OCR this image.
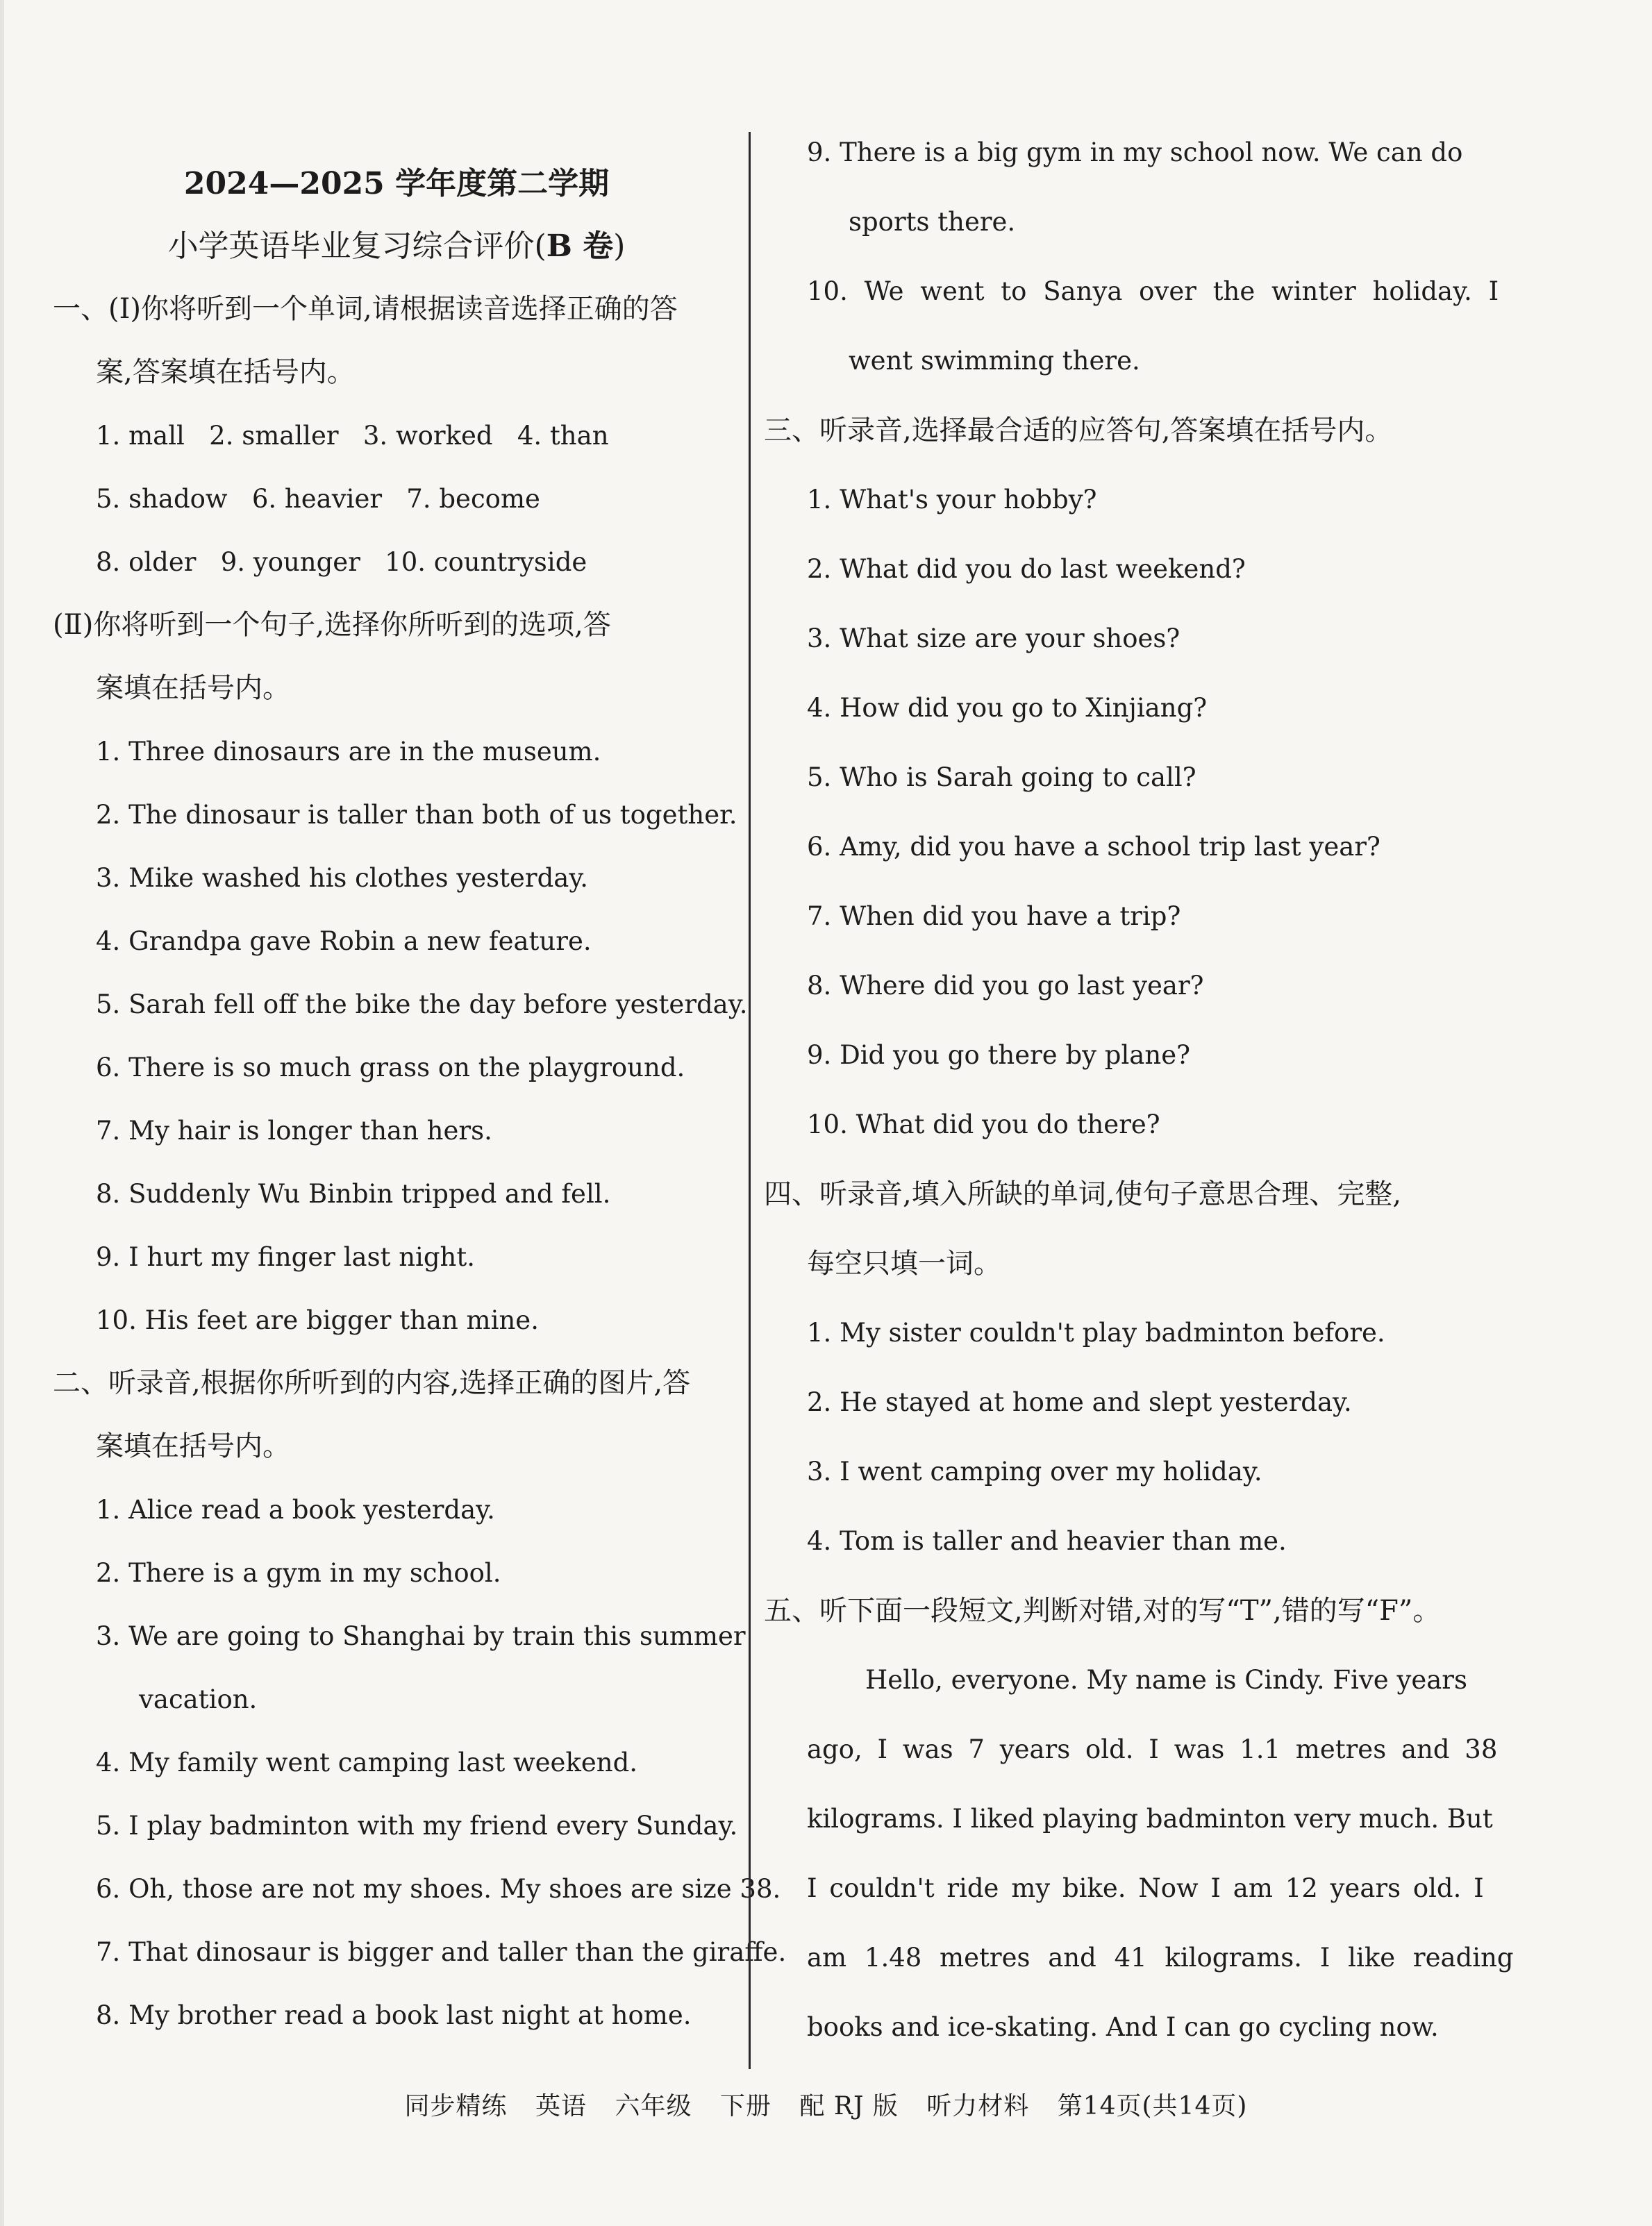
2024—2025 学年度第二学期

小学英语毕业复习综合评价(B 卷)

一、(Ⅰ)你将听到一个单词,请根据读音选择正确的答
案,答案填在括号内。

1. mall   2. smaller   3. worked   4. than

5. shadow   6. heavier   7. become

8. older   9. younger   10. countryside

(Ⅱ)你将听到一个句子,选择你所听到的选项,答
案填在括号内。

1. Three dinosaurs are in the museum.

2. The dinosaur is taller than both of us together.

3. Mike washed his clothes yesterday.

4. Grandpa gave Robin a new feature.

5. Sarah fell off the bike the day before yesterday.

6. There is so much grass on the playground.

7. My hair is longer than hers.

8. Suddenly Wu Binbin tripped and fell.

9. I hurt my finger last night.

10. His feet are bigger than mine.

二、听录音,根据你所听到的内容,选择正确的图片,答
案填在括号内。

1. Alice read a book yesterday.

2. There is a gym in my school.

3. We are going to Shanghai by train this summer

vacation.

4. My family went camping last weekend.

5. I play badminton with my friend every Sunday.

6. Oh, those are not my shoes. My shoes are size 38.

7. That dinosaur is bigger and taller than the giraffe.

8. My brother read a book last night at home.

9. There is a big gym in my school now. We can do

sports there.

10. We went to Sanya over the winter holiday. I

went swimming there.

三、听录音,选择最合适的应答句,答案填在括号内。

1. What's your hobby?

2. What did you do last weekend?

3. What size are your shoes?

4. How did you go to Xinjiang?

5. Who is Sarah going to call?

6. Amy, did you have a school trip last year?

7. When did you have a trip?

8. Where did you go last year?

9. Did you go there by plane?

10. What did you do there?

四、听录音,填入所缺的单词,使句子意思合理、完整,
每空只填一词。

1. My sister couldn't play badminton before.

2. He stayed at home and slept yesterday.

3. I went camping over my holiday.

4. Tom is taller and heavier than me.

五、听下面一段短文,判断对错,对的写“T”,错的写“F”。

Hello, everyone. My name is Cindy. Five years

ago, I was 7 years old. I was 1.1 metres and 38

kilograms. I liked playing badminton very much. But

I couldn't ride my bike. Now I am 12 years old. I

am 1.48 metres and 41 kilograms. I like reading

books and ice-skating. And I can go cycling now.

同步精练 英语 六年级 下册 配 RJ 版 听力材料 第14页(共14页)
